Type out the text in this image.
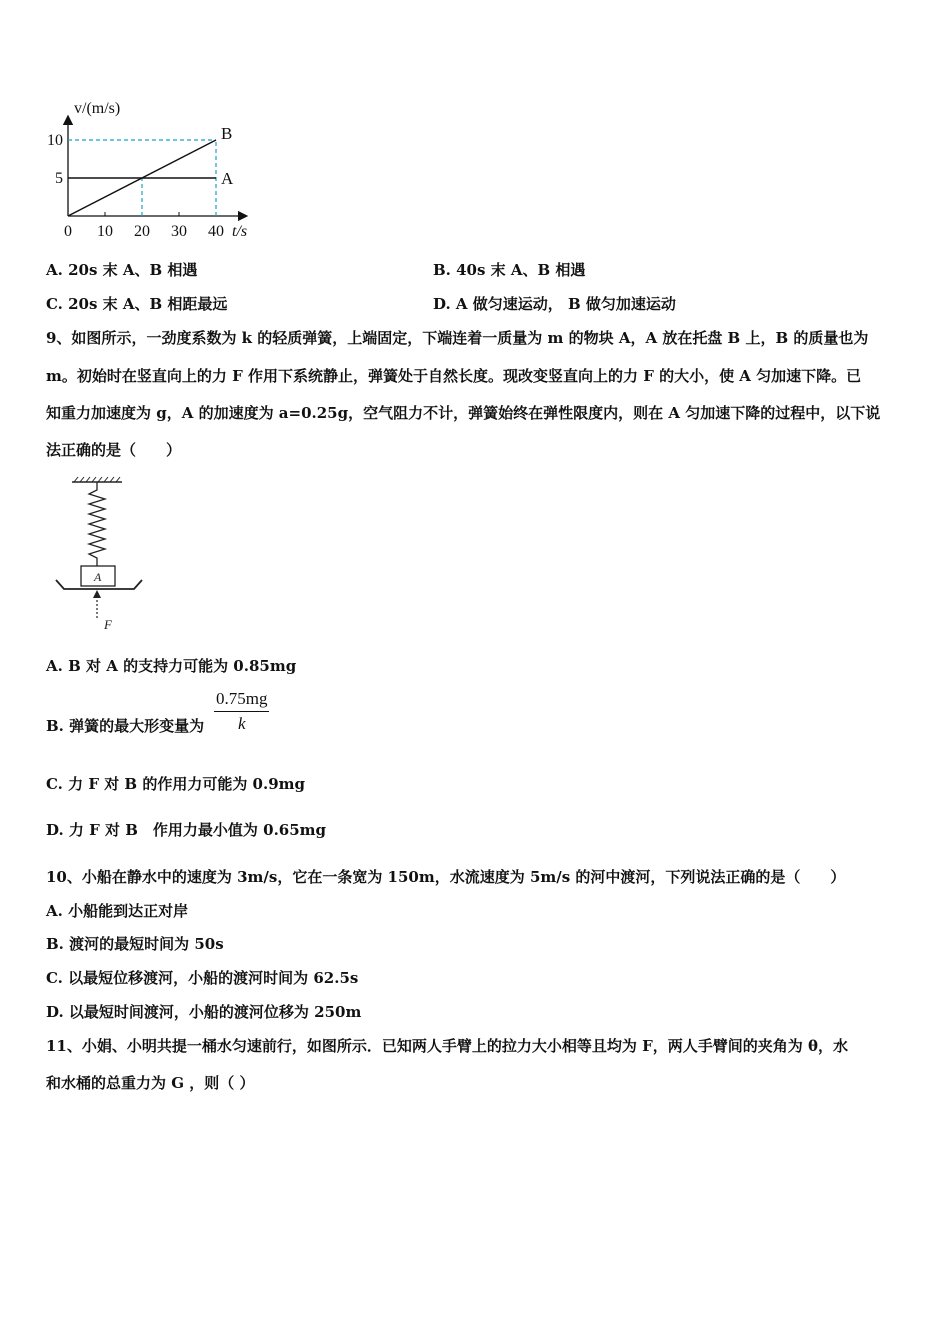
0 10 20 30 40
5
10
A
B
v/(m/s)
t/s
A. 20s 末 A、B 相遇	B. 40s 末 A、B 相遇
C. 20s 末 A、B 相距最远	D. A 做匀速运动， B 做匀加速运动
9、如图所示，一劲度系数为 k 的轻质弹簧，上端固定，下端连着一质量为 m 的物块 A，A 放在托盘 B 上，B 的质量也为
m。初始时在竖直向上的力 F 作用下系统静止，弹簧处于自然长度。现改变竖直向上的力 F 的大小，使 A 匀加速下降。已
知重力加速度为 g，A 的加速度为 a=0.25g，空气阻力不计，弹簧始终在弹性限度内，则在 A 匀加速下降的过程中，以下说
法正确的是（　　）
A
F
A. B 对 A 的支持力可能为 0.85mg
B. 弹簧的最大形变量为
0.75mg
k
C. 力 F 对 B 的作用力可能为 0.9mg
D. 力 F 对 B　作用力最小值为 0.65mg
10、小船在静水中的速度为 3m/s，它在一条宽为 150m，水流速度为 5m/s 的河中渡河，下列说法正确的是（　　）
A. 小船能到达正对岸
B. 渡河的最短时间为 50s
C. 以最短位移渡河，小船的渡河时间为 62.5s
D. 以最短时间渡河，小船的渡河位移为 250m
11、小娟、小明共提一桶水匀速前行，如图所示．已知两人手臂上的拉力大小相等且均为 F，两人手臂间的夹角为 θ，水
和水桶的总重力为 G ，则（ ）
